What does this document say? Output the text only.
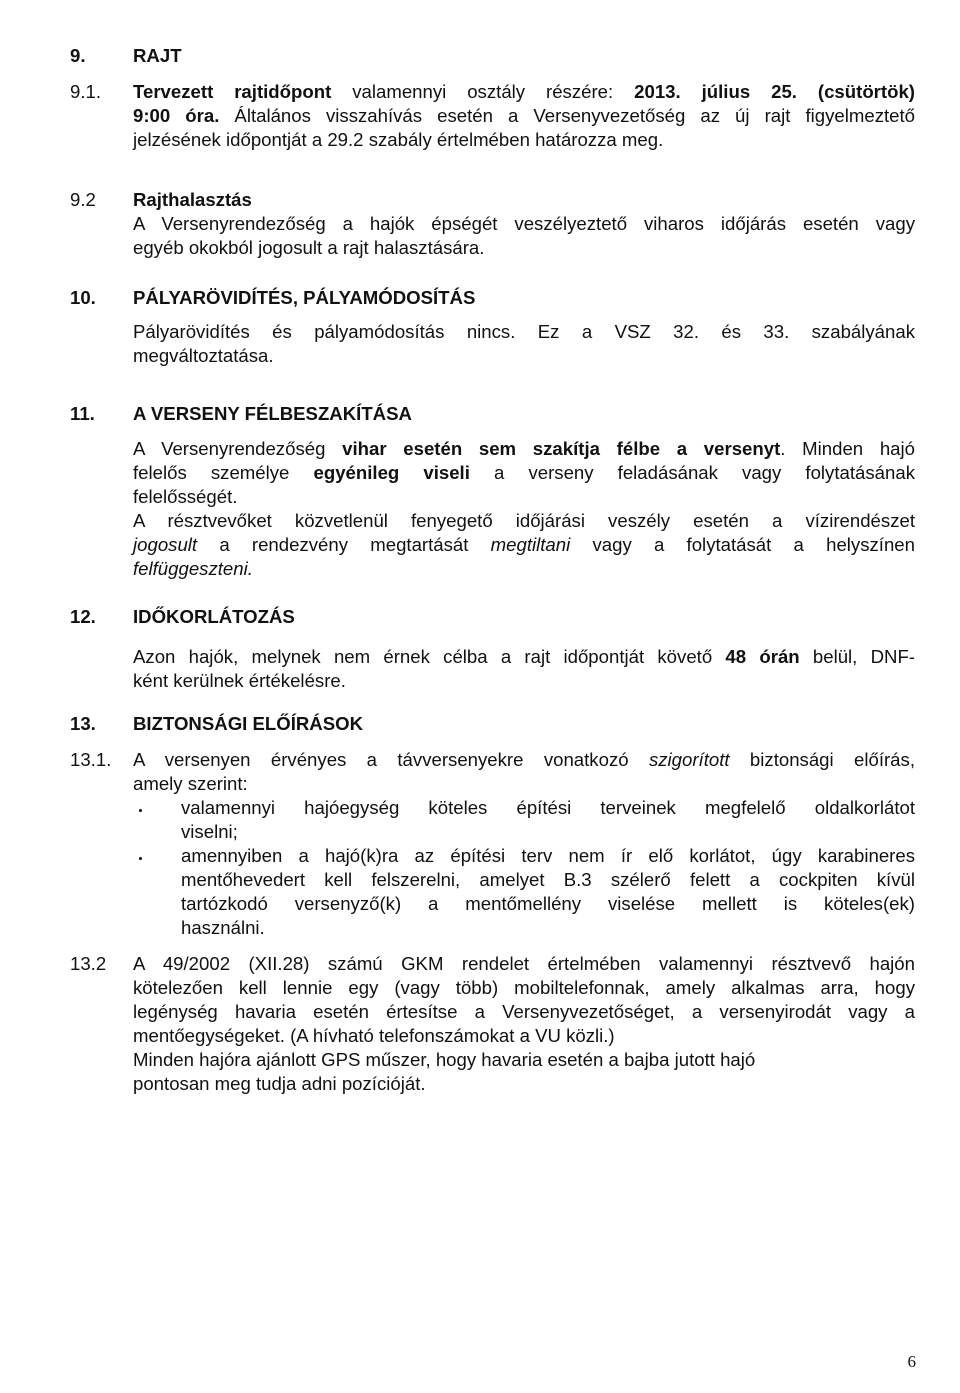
9.	RAJT
9.1.	Tervezett rajtidőpont valamennyi osztály részére: 2013. július 25. (csütörtök)
9:00 óra. Általános visszahívás esetén a Versenyvezetőség az új rajt figyelmeztető
jelzésének időpontját a 29.2 szabály értelmében határozza meg.
9.2	Rajthalasztás
A Versenyrendezőség a hajók épségét veszélyeztető viharos időjárás esetén vagy
egyéb okokból jogosult a rajt halasztására.
10.	PÁLYARÖVIDÍTÉS, PÁLYAMÓDOSÍTÁS
Pályarövidítés és pályamódosítás nincs. Ez a VSZ 32. és 33. szabályának
megváltoztatása.
11.	A VERSENY FÉLBESZAKÍTÁSA
A Versenyrendezőség vihar esetén sem szakítja félbe a versenyt. Minden hajó
felelős személye egyénileg viseli a verseny feladásának vagy folytatásának
felelősségét.
A résztvevőket közvetlenül fenyegető időjárási veszély esetén a vízirendészet
jogosult a rendezvény megtartását megtiltani vagy a folytatását a helyszínen
felfüggeszteni.
12.	IDŐKORLÁTOZÁS
Azon hajók, melynek nem érnek célba a rajt időpontját követő 48 órán belül, DNF-
ként kerülnek értékelésre.
13.	BIZTONSÁGI ELŐÍRÁSOK
13.1.	A versenyen érvényes a távversenyekre vonatkozó szigorított biztonsági előírás,
amely szerint:
valamennyi hajóegység köteles építési terveinek megfelelő oldalkorlátot
viselni;
amennyiben a hajó(k)ra az építési terv nem ír elő korlátot, úgy karabineres
mentőhevedert kell felszerelni, amelyet B.3 szélerő felett a cockpiten kívül
tartózkodó versenyző(k) a mentőmellény viselése mellett is köteles(ek)
használni.
13.2	A 49/2002 (XII.28) számú GKM rendelet értelmében valamennyi résztvevő hajón
kötelezően kell lennie egy (vagy több) mobiltelefonnak, amely alkalmas arra, hogy
legénység havaria esetén értesítse a Versenyvezetőséget, a versenyirodát vagy a
mentőegységeket. (A hívható telefonszámokat a VU közli.)
Minden hajóra ajánlott GPS műszer, hogy havaria esetén a bajba jutott hajó
pontosan meg tudja adni pozícióját.
6
